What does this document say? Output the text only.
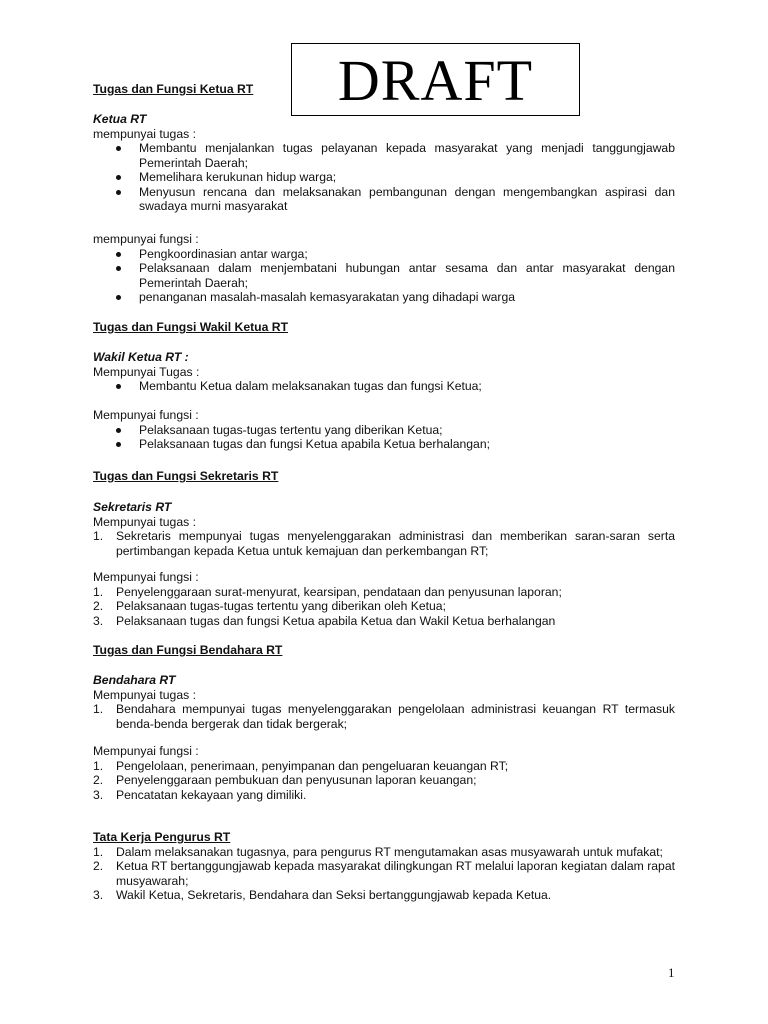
DRAFT
Tugas dan Fungsi Ketua RT
Ketua RT
mempunyai tugas :
Membantu menjalankan tugas pelayanan kepada masyarakat yang menjadi tanggungjawab Pemerintah Daerah;
Memelihara kerukunan hidup warga;
Menyusun rencana dan melaksanakan pembangunan dengan mengembangkan aspirasi dan swadaya murni masyarakat
mempunyai fungsi :
Pengkoordinasian antar warga;
Pelaksanaan dalam menjembatani hubungan antar sesama dan antar masyarakat dengan Pemerintah Daerah;
penanganan masalah-masalah kemasyarakatan yang dihadapi warga
Tugas dan Fungsi Wakil Ketua RT
Wakil Ketua RT :
Mempunyai Tugas :
Membantu Ketua dalam melaksanakan tugas dan fungsi Ketua;
Mempunyai fungsi :
Pelaksanaan tugas-tugas tertentu yang diberikan Ketua;
Pelaksanaan tugas dan fungsi Ketua apabila Ketua berhalangan;
Tugas dan Fungsi Sekretaris RT
Sekretaris RT
Mempunyai tugas :
1. Sekretaris mempunyai tugas menyelenggarakan administrasi dan memberikan saran-saran serta pertimbangan kepada Ketua untuk kemajuan dan perkembangan RT;
Mempunyai fungsi :
1. Penyelenggaraan surat-menyurat, kearsipan, pendataan dan penyusunan laporan;
2. Pelaksanaan tugas-tugas tertentu yang diberikan oleh Ketua;
3. Pelaksanaan tugas dan fungsi Ketua apabila Ketua dan Wakil Ketua berhalangan
Tugas dan Fungsi Bendahara RT
Bendahara RT
Mempunyai tugas :
1. Bendahara mempunyai tugas menyelenggarakan pengelolaan administrasi keuangan RT termasuk benda-benda bergerak dan tidak bergerak;
Mempunyai fungsi :
1. Pengelolaan, penerimaan, penyimpanan dan pengeluaran keuangan RT;
2. Penyelenggaraan pembukuan dan penyusunan laporan keuangan;
3. Pencatatan kekayaan yang dimiliki.
Tata Kerja Pengurus RT
1. Dalam melaksanakan tugasnya, para pengurus RT mengutamakan asas musyawarah untuk mufakat;
2. Ketua RT bertanggungjawab kepada masyarakat dilingkungan RT melalui laporan kegiatan dalam rapat musyawarah;
3. Wakil Ketua, Sekretaris, Bendahara dan Seksi bertanggungjawab kepada Ketua.
1
